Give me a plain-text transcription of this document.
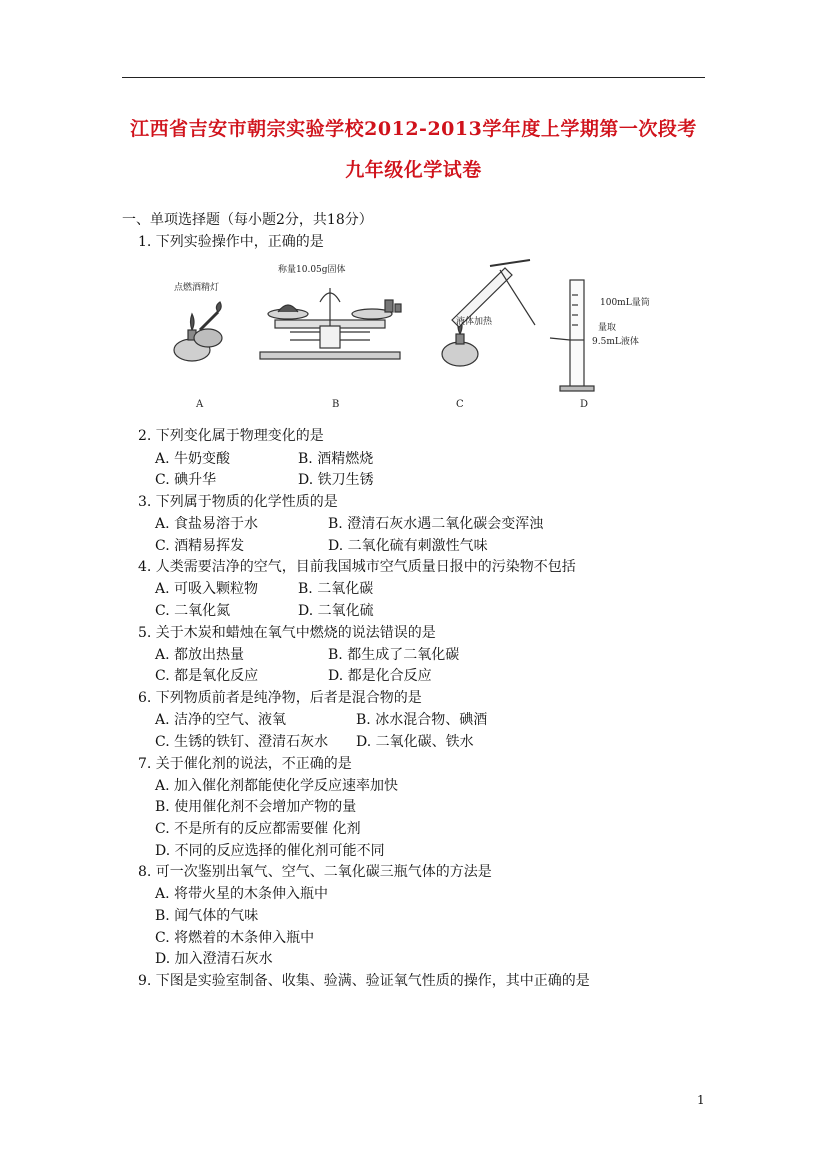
江西省吉安市朝宗实验学校2012-2013学年度上学期第一次段考
九年级化学试卷
一、单项选择题（每小题2分，共18分）
1. 下列实验操作中，正确的是
点燃酒精灯
称量10.05g固体
液体加热
100mL量筒
量取
9.5mL液体
A	B	C	D
2. 下列变化属于物理变化的是
A. 牛奶变酸	B. 酒精燃烧
C. 碘升华	D. 铁刀生锈
3. 下列属于物质的化学性质的是
A. 食盐易溶于水	B. 澄清石灰水遇二氧化碳会变浑浊
C. 酒精易挥发	D. 二氧化硫有刺激性气味
4. 人类需要洁净的空气，目前我国城市空气质量日报中的污染物不包括
A. 可吸入颗粒物	B. 二氧化碳
C. 二氧化氮	D. 二氧化硫
5. 关于木炭和蜡烛在氧气中燃烧的说法错误的是
A. 都放出热量	B. 都生成了二氧化碳
C. 都是氧化反应	D. 都是化合反应
6. 下列物质前者是纯净物，后者是混合物的是
A. 洁净的空气、液氧	B. 冰水混合物、碘酒
C. 生锈的铁钉、澄清石灰水 D. 二氧化碳、铁水
7. 关于催化剂的说法，不正确的是
A. 加入催化剂都能使化学反应速率加快
B. 使用催化剂不会增加产物的量
C. 不是所有的反应都需要催 化剂
D. 不同的反应选择的催化剂可能不同
8. 可一次鉴别出氧气、空气、二氧化碳三瓶气体的方法是
A. 将带火星的木条伸入瓶中
B. 闻气体的气味
C. 将燃着的木条伸入瓶中
D. 加入澄清石灰水
9. 下图是实验室制备、收集、验满、验证氧气性质的操作，其中正确的是
1
